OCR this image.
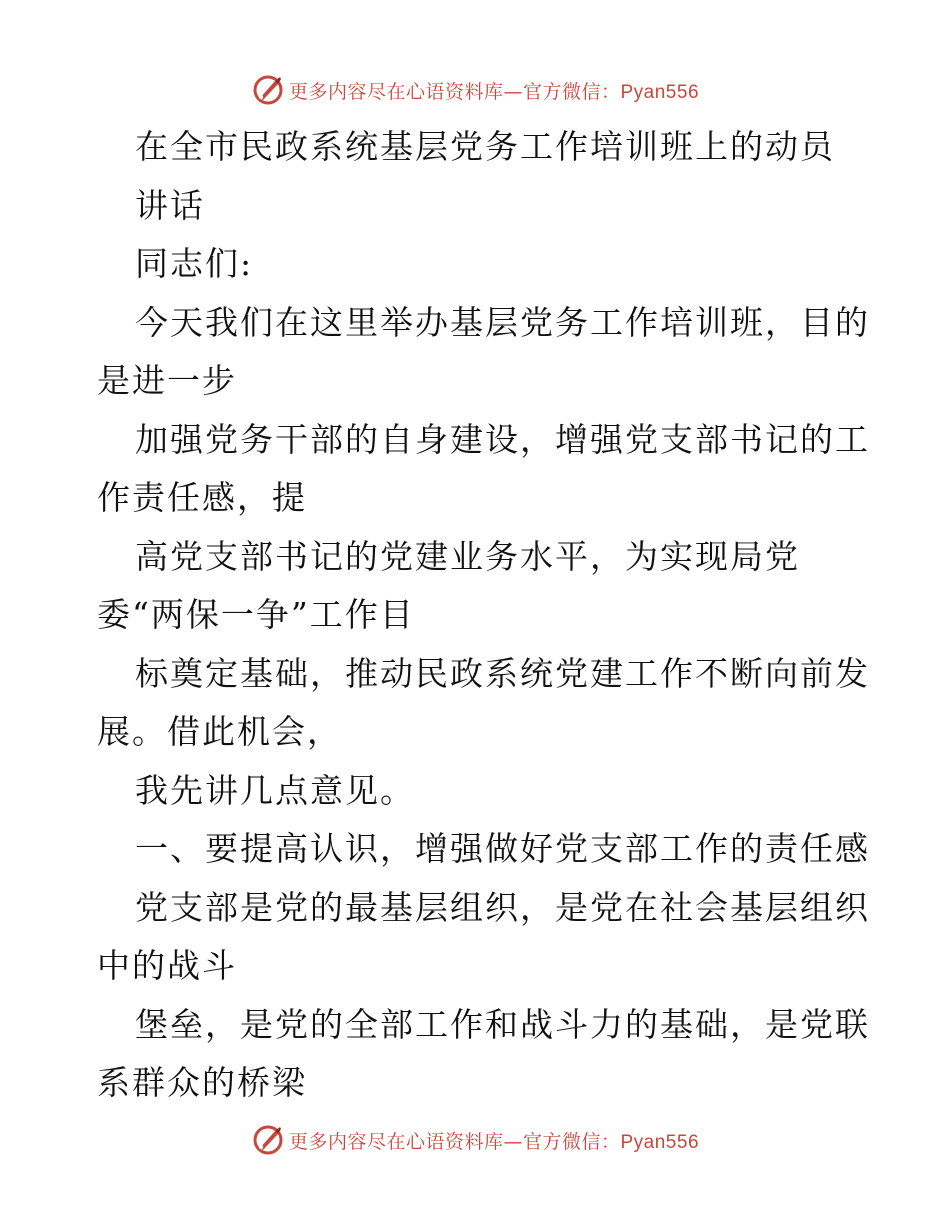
更多内容尽在心语资料库—官方微信：Pyan556
在全市民政系统基层党务工作培训班上的动员
讲话
同志们:
今天我们在这里举办基层党务工作培训班，目的
是进一步
加强党务干部的自身建设，增强党支部书记的工
作责任感，提
高党支部书记的党建业务水平，为实现局党
委“两保一争”工作目
标奠定基础，推动民政系统党建工作不断向前发
展。借此机会，
我先讲几点意见。
一、要提高认识，增强做好党支部工作的责任感
党支部是党的最基层组织，是党在社会基层组织
中的战斗
堡垒，是党的全部工作和战斗力的基础，是党联
系群众的桥梁
更多内容尽在心语资料库—官方微信：Pyan556
